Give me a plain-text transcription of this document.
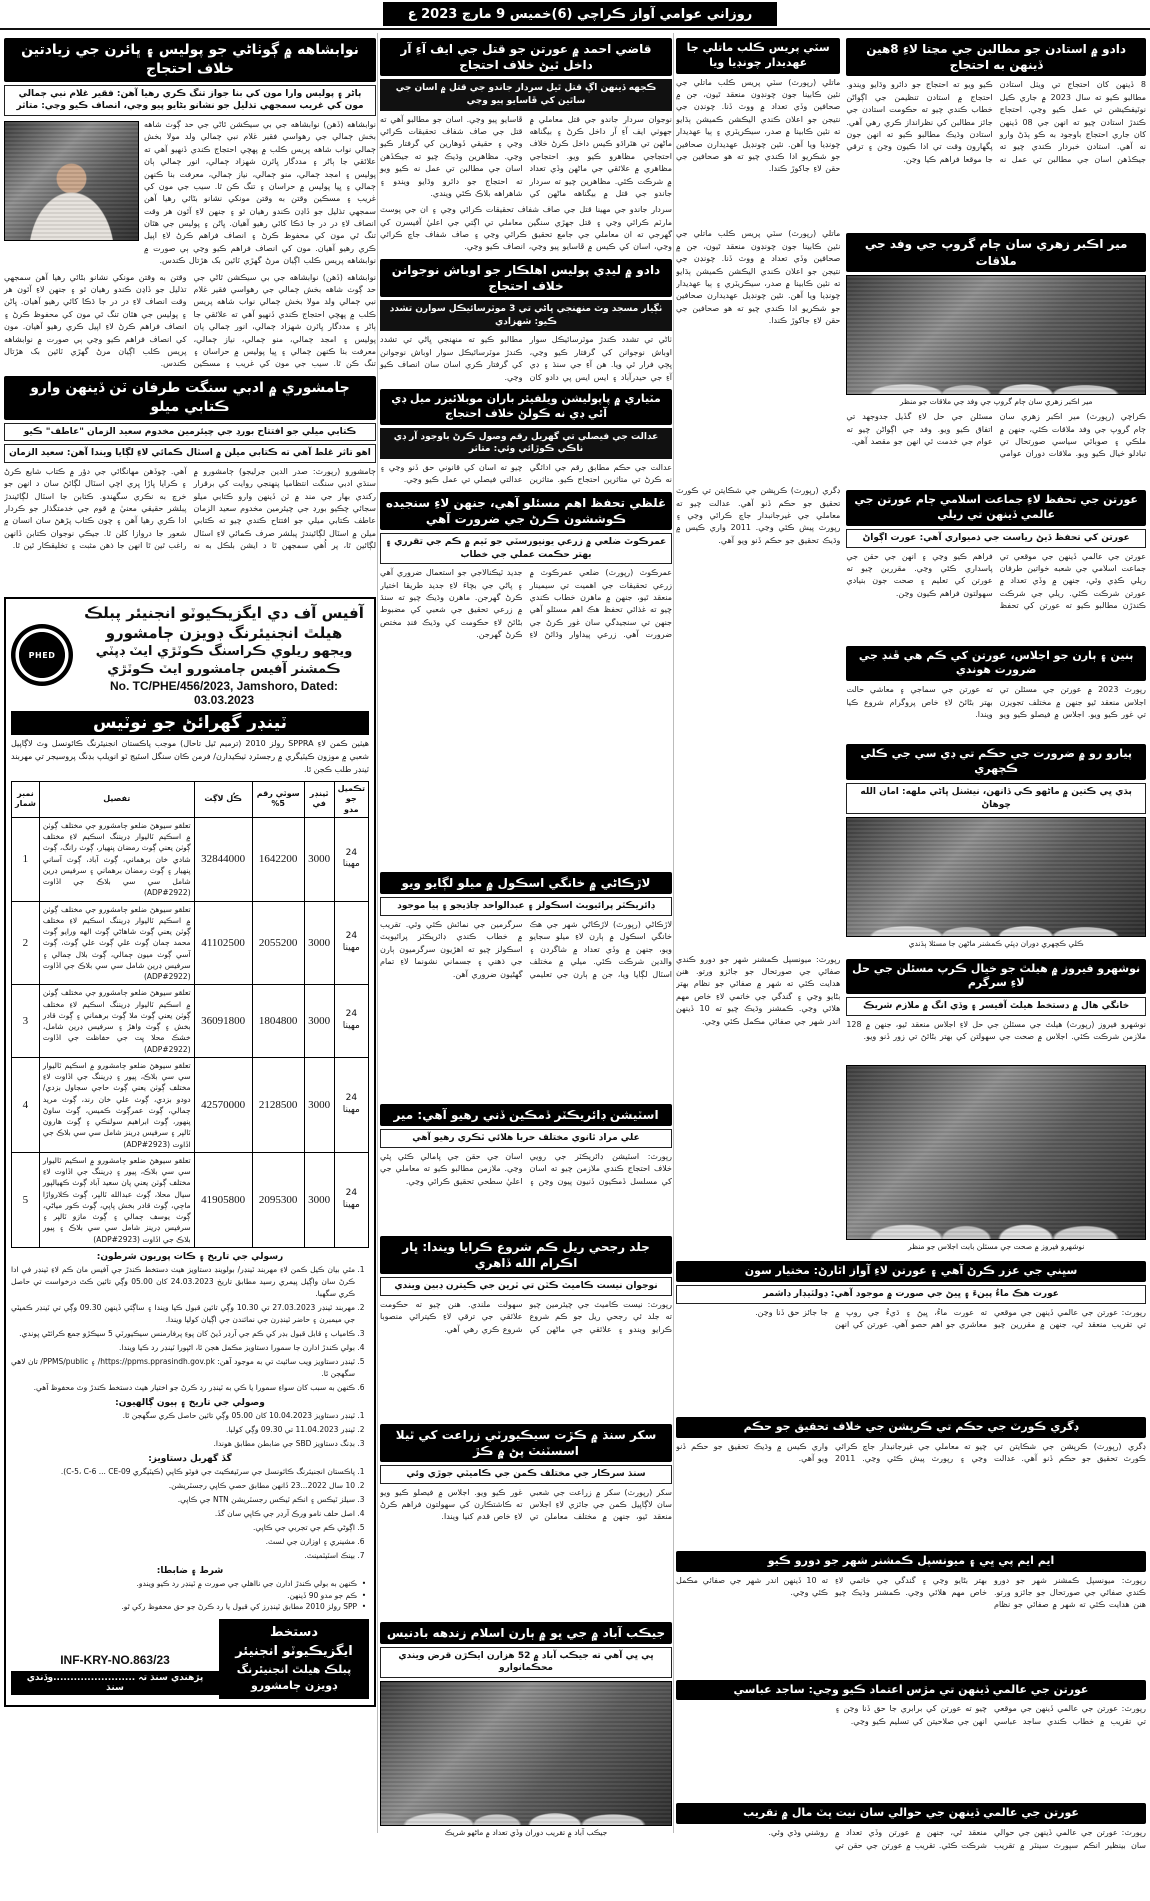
روزاني عوامي آواز ڪراچي (6)خميس 9 مارچ 2023 ع
نوابشاهه ۾ ڳوٺاڻي جو پوليس ۽ ڀائرن جي زيادتين خلاف احتجاج
ٻاڻر ۽ پوليس وارا مون کي بنا جواز تنگ ڪري رهيا آهن: فقير غلام نبي ڄمالي مون کي غريب سمجهي تذليل جو نشانو بڻايو پيو وڃي، انصاف ڪيو وڃي: متاثر
نوابشاهه (ڏهن) نوابشاهه جي بي سيڪشن ٿاڻي جي حد ڳوٺ شاهه بخش ڄمالي جي رهواسي فقير غلام نبي ڄمالي ولد مولا بخش ڄمالي نواب شاهه پريس ڪلب ۾ پهچي احتجاج ڪندي ڏنهيو آهي ته علائقي جا ٻاڻر ۽ مددگار ڀائرن شهزاد ڄمالي، انور ڄمالي ٻان پوليس ۽ امجد ڄمالي، منو ڄمالي، نياز ڄمالي، معرفت بنا ڪنهن ڄمالي ۽ ڀيا پوليس ۾ حراسان ۽ تنگ ڪن ٿا. سيب جي مون کي غريب ۽ مسڪين وقتن به وقتن مونکي نشانو بڻائي رهيا آهن سمجهي تذليل جو ڏاڍن ڪندو رهيان ٿو ۽ جنهن لاءِ آئون هر وقت انصاف لاءِ در در جا ڌڪا کائي رهيو آهيان. ڀاڻن ۽ پوليس جي هٿان تنگ ٿي مون کي محفوظ ڪرڻ ۽ انصاف فراهم ڪرڻ لاءِ اپيل ڪري رهيو آهيان. مون کي انصاف فراهم ڪيو وڃي ٻي صورت ۾ نوابشاهه پريس ڪلب اڳيان مرڻ گهڙي ٽائين بک هڙتال ڪندس.
نوابشاهه (ڏهن) نوابشاهه جي بي سيڪشن ٿاڻي جي حد ڳوٺ شاهه بخش ڄمالي جي رهواسي فقير غلام نبي ڄمالي ولد مولا بخش ڄمالي نواب شاهه پريس ڪلب ۾ پهچي احتجاج ڪندي ڏنهيو آهي ته علائقي جا ٻاڻر ۽ مددگار ڀائرن شهزاد ڄمالي، انور ڄمالي ٻان پوليس ۽ امجد ڄمالي، منو ڄمالي، نياز ڄمالي، معرفت بنا ڪنهن ڄمالي ۽ ڀيا پوليس ۾ حراسان ۽ تنگ ڪن ٿا. سيب جي مون کي غريب ۽ مسڪين وقتن به وقتن مونکي نشانو بڻائي رهيا آهن سمجهي تذليل جو ڏاڍن ڪندو رهيان ٿو ۽ جنهن لاءِ آئون هر وقت انصاف لاءِ در در جا ڌڪا کائي رهيو آهيان. ڀاڻن ۽ پوليس جي هٿان تنگ ٿي مون کي محفوظ ڪرڻ ۽ انصاف فراهم ڪرڻ لاءِ اپيل ڪري رهيو آهيان. مون کي انصاف فراهم ڪيو وڃي ٻي صورت ۾ نوابشاهه پريس ڪلب اڳيان مرڻ گهڙي ٽائين بک هڙتال ڪندس.
ڄامشوري ۾ ادبي سنگت طرفان ٽن ڏينهن وارو ڪتابي ميلو
ڪتابي ميلي جو افتتاح بورڊ جي چيئرمين مخدوم سعيد الزمان "عاطف" ڪيو
اهو تاثر غلط آهي ته ڪتابي ميلن ۾ اسٽال ڪمائي لاءِ لڳايا ويندا آهن: سعيد الزمان
ڄامشورو (رپورٽ: صدر الدين جرليجو) ڄامشورو ۾ سنڌي ادبي سنگت انتظاميا پنهنجي روايت کي برقرار رکندي بهار جي مند ۾ ٽن ڏينهن وارو ڪتابي ميلو سجائي چڪيو بورڊ جي چيئرمين مخدوم سعيد الزمان عاطف ڪتابي ميلي جو افتتاح ڪندي چيو ته ڪتابي ميلن ۾ اسٽال لڳائيندڙ پبلشر صرف ڪمائي لاءِ اسٽال لڳائين ٿا، پر اُهي سمجهن ٿا د ايشن بلڪل به نه آهي. چوڏهن مهانگائي جي دؤر ۾ ڪتاب شايع ڪرڻ ۽ ڪرايا ڀاڙا ڀري اچي اسٽال لڳائڻ سان د انهن جو خرچ به نڪري سگهندو. ڪتابن جا اسٽال لڳائيندڙ پبلشر حقيقي معنيٰ ۾ قوم جي خدمتگذار جو ڪردار ادا ڪري رهيا آهن ۽ چون ڪتاب پڙهڻ سان انسان ۾ شعور جا دروازا کلن ٿا. جيڪي نوجوان ڪتابن ڏانهن راغب ٿين ٿا انهن جا ذهن مثبت ۽ تخليقڪار ٿين ٿا.
آفيس آف دي ايگزيڪيوٽو انجنيئر پبلڪ هيلٿ انجنيئرنگ ڊويزن ڄامشورو
ويجهو ريلوي ڪراسنگ ڪوٽڙي ايٽ ڊپٽي ڪمشنر آفيس ڄامشورو ايٽ ڪوٽڙي
No. TC/PHE/456/2023, Jamshoro, Dated: 03.03.2023
PHED
ٽينڊر گهرائڻ جو نوٽيس
هيٺين ڪمن لاءِ SPPRA رولز 2010 (ترميم ٿيل تاحال) موجب پاڪستان انجنيئرنگ ڪائونسل وٽ لاڳاپيل شعبي ۾ موزون ڪيٽيگري ۾ رجسٽرڊ ٺيڪيدارن/ فرمن ڪان سنگل اسٽيج ٽو انويلپ بڊنگ پروسيجر تي مهربند ٽينڊر طلب ڪجن ٿا.
تڪميل جو مدو	ٽينڊر في	سوٽي رقم 5%	ڪُل لاڳت	تفصيل	نمبر شمار
24 مهينا	3000	1642200	32844000	تعلقو سيوهڻ ضلعو ڄامشورو جي مختلف ڳوٺن ۾ اسڪيم ٽاليوار ڊريننگ اسڪيم لاءِ مختلف ڳوٺن يعني ڳوٺ رمضان پنهيار، ڳوٺ رانگ، ڳوٺ شادي خان برهماني، ڳوٺ آباد، ڳوٺ آساني پنهيار ۽ ڳوٺ رمضان برهماني ۽ سرفيس ڊرين شامل سي سي بلاڪ جي اڏاوت (ADP#2922)	1
24 مهينا	3000	2055200	41102500	تعلقو سيوهڻ ضلعو ڄامشورو جي مختلف ڳوٺن ۾ اسڪيم ٽاليوار ڊريننگ اسڪيم لاءِ مختلف ڳوٺن يعني ڳوٺ شاهاڻي ڳوٺ الهه ورايو ڳوٺ محمد ڄمان ڳوٺ علي ڳوٺ علي ڳوٺ، ڳوٺ آسي ڳوٺ ميون ڄمالي، ڳوٺ بلال ڄمالي ۽ سرفيس ڊرين شامل سي سي بلاڪ جي اڏاوت (ADP#2922)	2
24 مهينا	3000	1804800	36091800	تعلقو سيوهڻ ضلعو ڄامشورو جي مختلف ڳوٺن ۾ اسڪيم ٽاليوار ڊريننگ اسڪيم لاءِ مختلف ڳوٺن يعني ڳوٺ ملا ڳوٺ برهماني ۽ ڳوٺ قادر بخش ۽ ڳوٺ واهڙ ۽ سرفيس ڊرين شامل، خشڪ محلا ڀت جي حفاظت جي اڏاوت (ADP#2922)	3
24 مهينا	3000	2128500	42570000	تعلقو سيوهڻ ضلعو ڄامشورو ۾ اسڪيم ٽاليوار سي سي بلاڪ، پيور ۽ ڊريننگ جي اڏاوت لاءِ مختلف ڳوٺن يعني ڳوٺ حاجي سجاول بزدي/ دودو بزدي، ڳوٺ علي خان رند، ڳوٺ مريد ڄمالي، ڳوٺ عمرڳوٺ ڪميس، ڳوٺ ساوڻ پنهور، ڳوٺ ابراهيم سولنڪي ۽ ڳوٺ هارون ٽالپر ۽ سرفيس ڊرينز شامل سي سي بلاڪ جي اڏاوت (ADP#2923)	4
24 مهينا	3000	2095300	41905800	تعلقو سيوهڻ ضلعو ڄامشورو ۾ اسڪيم ٽاليوار سي سي بلاڪ، پيور ۽ ڊريننگ جي اڏاوت لاءِ مختلف ڳوٺن يعني پان سعيد آباد ڳوٺ ڪهيالپور سيال محلا، ڳوٺ عبدالله ٽالپر، ڳوٺ ڪلارواڙا ماڄي، ڳوٺ قادر بخش پاپي، ڳوٺ ڪور مياڻي، ڳوٺ يوسف ڄمالي ۽ ڳوٺ مازو ٽالپر ۽ سرفيس ڊرينز شامل سي سي بلاڪ ۽ پيور بلاڪ جي اڏاوت (ADP#2923)	5
رسولي جي تاريخ ۽ ڪات پوريون شرطون:
1. مٿي بيان ڪيل ڪمن لاءِ مهربند ٽينڊر/ بولوينڊ دستاويز هيٺ دستخط ڪندڙ جي آفيس مان ڪم لاءِ ٽينڊر في ادا ڪرڻ سان واڳيل پيمري رسيد مطابق تاريخ 24.03.2023 کان 05.00 وڳي تائين ڪٿ درخواست تي حاصل ڪري سگهبا.
2. مهربند ٽينڊر 27.03.2023 تي 10.30 وڳي تائين قبول ڪيا ويندا ۽ ساڳئي ڏينهن 09.30 وڳي تي ٽينڊر ڪميٽي جي ميمبرن ۽ حاضر ٽينڊرن جي نمائندن جي اڳيان کوليا ويندا.
3. ڪامياب ۽ قابل قبول بڊر کي ڪم جي آرڊر ڏيڻ کان پوءِ پرفارمنس سيڪيورٽي 5 سيڪڙو جمع ڪرائڻي پوندي.
4. بولي ڪندڙ ادارن جا سمورا دستاويز مڪمل هجن ٿا، اڻپورا ٽينڊر رد ڪيا ويندا.
5. ٽينڊر دستاويز ويب سائيٽ تي به موجود آهن: https://ppms.pprasindh.gov.pk/ ۽ PPMS/public/ تان لاهي سگهجن ٿا.
6. ڪنهن به سبب کان سواءِ سمورا يا ڪي به ٽينڊر رد ڪرڻ جو اختيار هيٺ دستخط ڪندڙ وٽ محفوظ آهي.
وصولي جي تاريخ ۽ ٻيون ڳالهيون:
1. ٽينڊر دستاويز 10.04.2023 کان 05.00 وڳي تائين حاصل ڪري سگهجن ٿا.
2. ٽينڊر 11.04.2023 تي 09.30 وڳي کولبا.
3. بڊنگ دستاويز SBD جي ضابطن مطابق هوندا.
گڏ گهربل دستاويز:
1. پاڪستان انجنيئرنگ ڪائونسل جي سرٽيفڪيٽ جي فوٽو ڪاپي (ڪيٽيگري C-5، C-6 ... CE-09).
2. 10 سال 2022...23 ڏانهن مطابق حصي ڪاپي رجسٽريشن.
3. سيلز ٽيڪس ۽ انڪم ٽيڪس رجسٽريشن NTN جي ڪاپي.
4. اصل حلف نامو ورڪ آرڊر جي ڪاپي سان گڏ.
5. اڳوڻي ڪم جي تجربي جي ڪاپي.
6. مشينري ۽ اوزارن جي لسٽ.
7. بينڪ اسٽيٽمينٽ.
شرط ۽ ضابطا:
• ڪنهن به بولي ڪندڙ ادارن جي نااهلي جي صورت ۾ ٽينڊر رد ڪيو ويندو.
• ڪم جو مدو 90 ڏينهن.
• SPP رولز 2010 مطابق ٽينڊرز کي قبول يا رد ڪرڻ جو حق محفوظ رکي ٿو.
دستخط
ايگزيڪيوٽو انجنيئر
پبلڪ هيلٿ انجنيئرنگ
ڊويزن ڄامشورو
INF-KRY-NO.863/23
پڙهندي سنڌ تہ ........................وڏندي سنڌ
قاضي احمد ۾ عورتن جو قتل جي ايف آءِ آر داخل ٿيڻ خلاف احتجاج
ڪجهه ڏينهن اڳ قتل ٿيل سردار جاندو جي قتل ۾ اسان جي ساٿين کي ڦاسايو پيو وڃي
نوجوان سردار جاندو جي قتل معاملي ۾ جهوٺي ايف آءِ آر داخل ڪرڻ ۽ بيگناهه ماڻهن تي هٿراڌو ڪيس داخل ڪرڻ خلاف احتجاجي مظاهرو ڪيو ويو. احتجاجي مظاهري ۾ علائقي جي ماڻهن وڏي تعداد ۾ شرڪت ڪئي. مظاهرين چيو ته سردار جاندو جي قتل ۾ بيگناهه ماڻهن کي ڦاسايو پيو وڃي. اسان جو مطالبو آهي ته قتل جي صاف شفاف تحقيقات ڪرائي وڃي ۽ حقيقي ڏوهارين کي گرفتار ڪيو وڃي. مظاهرين وڌيڪ چيو ته جيڪڏهن اسان جي مطالبن تي عمل نه ڪيو ويو ته احتجاج جو دائرو وڌايو ويندو ۽ شاهراهه بلاڪ ڪئي ويندي.
سردار جاندو جي مهينا قتل جي صاف شفاف تحقيقات ڪرائي وڃي ۽ ان جي پوسٽ مارٽم ڪرائي وڃي ۽ قتل جهڙي سنگين معاملي تي اڳتي جي اعليٰ آفيسرن کي گهرجي ته ان معاملي جي جامع تحقيق ڪرائي وڃي ۽ صاف شفاف جاچ ڪرائي وڃي، اسان کي ڪيس ۾ ڦاسايو پيو وڃي، انصاف ڪيو وڃي.
دادو ۾ ليڊي پوليس اهلڪار جو اوباش نوجوانن خلاف احتجاج
ٺڳيار مسجد وٽ منهنجي ڀاڻي تي 3 موٽرسائيڪل سوارن تشدد ڪيو: شهزادي
ٺاڻي تي تشدد ڪندڙ موٽرسائيڪل سوار اوباش نوجوانن کي گرفتار ڪيو وڃي، ڀڄي فرار ٿي ويا. هن آءِ جي سنڌ ۽ ڊي آءِ جي حيدرآباد ۽ ايس ايس پي دادو کان مطالبو ڪيو ته منهنجي ڀاڻي تي تشدد ڪندڙ موٽرسائيڪل سوار اوباش نوجوانن کي گرفتار ڪري اسان سان انصاف ڪيو وڃي.
مٽياري ۾ پاپوليشن ويلفيئر باران موبلائيزر ميل ڊي آئي ڊي نه ڪولڻ خلاف احتجاج
عدالت جي فيصلي تي گهريل رقم وصول ڪرڻ باوجود آر ڊي ناڪي ڪوڙائي وئي: متاثر
عدالت جي حڪم مطابق رقم جي ادائگي نه ڪرڻ تي متاثرين احتجاج ڪيو. متاثرين چيو ته اسان کي قانوني حق ڏنو وڃي ۽ عدالتي فيصلي تي عمل ڪيو وڃي.
غلظي تحفظ اهم مسئلو آهي، جنهن لاءِ سنجيده ڪوششون ڪرڻ جي ضرورت آهي
عمرڪوٽ ضلعي ۾ زرعي يونيورسٽي جو ٽيم ۾ ڪم جي تقرري ۽ بهتر حڪمت عملي جي خطاب
عمرڪوٽ (رپورٽ) ضلعي عمرڪوٽ ۾ زرعي تحقيقات جي اهميت تي سيمينار منعقد ٿيو، جنهن ۾ ماهرن خطاب ڪندي چيو ته غذائي تحفظ هڪ اهم مسئلو آهي جنهن تي سنجيدگي سان غور ڪرڻ جي ضرورت آهي. زرعي پيداوار وڌائڻ لاءِ جديد ٽيڪنالاجي جو استعمال ضروري آهي ۽ پاڻي جي بچاءَ لاءِ جديد طريقا اختيار ڪرڻ گهرجن. ماهرن وڌيڪ چيو ته سنڌ ۾ زرعي تحقيق جي شعبي کي مضبوط بڻائڻ لاءِ حڪومت کي وڌيڪ فنڊ مختص ڪرڻ گهرجن.
لاڙڪاڻي ۾ خانگي اسڪول ۾ ميلو لڳايو ويو
ڊائريڪٽر پرائيويٽ اسڪولز ۽ عبدالواحد ڄاڌيجو ۽ ٻيا موجود
لاڙڪاڻي (رپورٽ) لاڙڪاڻي شهر جي هڪ خانگي اسڪول ۾ ٻارن لاءِ ميلو سجايو ويو، جنهن ۾ وڏي تعداد ۾ شاگردن ۽ والدين شرڪت ڪئي. ميلي ۾ مختلف اسٽال لڳايا ويا، جن ۾ ٻارن جي تعليمي سرگرمين جي نمائش ڪئي وئي. تقريب ۾ خطاب ڪندي ڊائريڪٽر پرائيويٽ اسڪولز چيو ته اهڙيون سرگرميون ٻارن جي ذهني ۽ جسماني نشونما لاءِ تمام گهڻيون ضروري آهن.
اسٽيشن ڊائريڪٽر ڏمڪين ڏني رهيو آهي: مير
علي مراد ٿانوي مختلف حربا هلائي ٽڪري رهيو آهي
رپورٽ: اسٽيشن ڊائريڪٽر جي رويي خلاف احتجاج ڪندي ملازمن چيو ته اسان کي مسلسل ڏمڪيون ڏنيون پيون وڃن ۽ اسان جي حقن جي پامالي ڪئي پئي وڃي. ملازمن مطالبو ڪيو ته معاملي جي اعليٰ سطحي تحقيق ڪرائي وڃي.
جلد رجحي ريل ڪم شروع ڪرايا ويندا: ڀار اڪرام الله ڏاهري
نوجوان نيست ڪاميٽ ڪٽن تي ٽرين جي ڪيترن ڊبين ويندي
رپورٽ: نيست ڪاميٽ جي چيئرمين چيو ته جلد ئي رجحي ريل جو ڪم شروع ڪرايو ويندو ۽ علائقي جي ماڻهن کي سهولت ملندي. هنن چيو ته حڪومت علائقي جي ترقي لاءِ ڪيترائي منصوبا شروع ڪري رهي آهي.
سکر سنڌ ۾ ڪڙت سيڪيورٽي زراعت کي ٿيلا اسسٽنٽ پڻ ۾ ڪڙ
سنڌ سرڪار جي مختلف ڪمن جي ڪاميٽي جوڙي وئي
سکر (رپورٽ) سکر ۾ زراعت جي شعبي سان لاڳاپيل ڪمن جي جائزي لاءِ اجلاس منعقد ٿيو، جنهن ۾ مختلف معاملن تي غور ڪيو ويو. اجلاس ۾ فيصلو ڪيو ويو ته ڪاشتڪارن کي سهولتون فراهم ڪرڻ لاءِ خاص قدم کنيا ويندا.
جيڪب آباد ۾ جي ڀو ۾ ٻارن اسلام زندهه بادنيس
ڀي ڀي آهي ته جيڪب آباد ۾ 52 هزارن ايڪڙن قرض ويندي محڪمانوارو
جيڪب آباد ۾ تقريب دوران وڏي تعداد ۾ ماڻهو شريڪ
دادو ۾ استادن جو مطالبن جي مڃتا لاءِ 8هين ڏينهن به احتجاج
8 ڏينهن کان احتجاج تي ويٺل استادن مطالبو ڪيو ته سال 2023 ۾ جاري ڪيل نوٽيفڪيشن تي عمل ڪيو وڃي. احتجاج ڪندڙ استادن چيو ته انهن جي 08 ڏينهن کان جاري احتجاج باوجود به ڪو ٻڌڻ وارو نه آهي. استادن خبردار ڪندي چيو ته جيڪڏهن اسان جي مطالبن تي عمل نه ڪيو ويو ته احتجاج جو دائرو وڌايو ويندو. احتجاج ۾ استادن تنظيمن جي اڳواڻن خطاب ڪندي چيو ته حڪومت استادن جي جائز مطالبن کي نظرانداز ڪري رهي آهي. استادن وڌيڪ مطالبو ڪيو ته انهن جون پگهارون وقت تي ادا ڪيون وڃن ۽ ترقي جا موقعا فراهم ڪيا وڃن.
سٽي پريس ڪلب ماتلي جا عهديدار چونڊيا ويا
ماتلي (رپورٽ) سٽي پريس ڪلب ماتلي جي نئين ڪابينا جون چونڊون منعقد ٿيون، جن ۾ صحافين وڏي تعداد ۾ ووٽ ڏنا. چونڊن جي نتيجن جو اعلان ڪندي اليڪشن ڪميشن ٻڌايو ته نئين ڪابينا ۾ صدر، سيڪريٽري ۽ ٻيا عهديدار چونڊيا ويا آهن. نئين چونڊيل عهديدارن صحافين جو شڪريو ادا ڪندي چيو ته هو صحافين جي حقن لاءِ جاکوڙ ڪندا.
مير اڪبر زهري سان ڄام گروپ جي وفد جي ملاقات
مير اڪبر زهري سان ڄام گروپ جي وفد جي ملاقات جو منظر
ڪراچي (رپورٽ) مير اڪبر زهري سان ڄام گروپ جي وفد ملاقات ڪئي، جنهن ۾ ملڪي ۽ صوبائي سياسي صورتحال تي تبادلو خيال ڪيو ويو. ملاقات دوران عوامي مسئلن جي حل لاءِ گڏيل جدوجهد تي اتفاق ڪيو ويو. وفد جي اڳواڻن چيو ته عوام جي خدمت ئي انهن جو مقصد آهي.
ماتلي (رپورٽ) سٽي پريس ڪلب ماتلي جي نئين ڪابينا جون چونڊون منعقد ٿيون، جن ۾ صحافين وڏي تعداد ۾ ووٽ ڏنا. چونڊن جي نتيجن جو اعلان ڪندي اليڪشن ڪميشن ٻڌايو ته نئين ڪابينا ۾ صدر، سيڪريٽري ۽ ٻيا عهديدار چونڊيا ويا آهن. نئين چونڊيل عهديدارن صحافين جو شڪريو ادا ڪندي چيو ته هو صحافين جي حقن لاءِ جاکوڙ ڪندا.
عورتن جي تحفظ لاءِ جماعت اسلامي ڄام عورتن جي عالمي ڏينهن تي ريلي
عورتن کي تحفظ ڏيڻ رياست جي ذميواري آهي: عورت اڳواڻ
عورتن جي عالمي ڏينهن جي موقعي تي جماعت اسلامي جي شعبه خواتين طرفان ريلي ڪڍي وئي، جنهن ۾ وڏي تعداد ۾ عورتن شرڪت ڪئي. ريلي جي شرڪت ڪندڙن مطالبو ڪيو ته عورتن کي تحفظ فراهم ڪيو وڃي ۽ انهن جي حقن جي پاسداري ڪئي وڃي. مقررين چيو ته عورتن کي تعليم ۽ صحت جون بنيادي سهولتون فراهم ڪيون وڃن.
ٻنين ۽ ٻارن جو اجلاس، عورتن کي ڪم هي ڦنڊ جي ضرورت هوندي
رپورٽ 2023 ۾ عورتن جي مسئلن تي اجلاس منعقد ٿيو جنهن ۾ مختلف تجويزن تي غور ڪيو ويو. اجلاس ۾ فيصلو ڪيو ويو ته عورتن جي سماجي ۽ معاشي حالت بهتر بڻائڻ لاءِ خاص پروگرام شروع ڪيا ويندا.
پيارو رو ۾ ضرورت جي حڪم تي ڊي سي جي ڪلي ڪچهري
ٻڌي ڀي ڪتين ۾ ماڻهو ڪي ڏانهن، نيشنل ڀاڻي ملهه: امان الله چوهاڻ
ڪلي ڪچهري دوران ڊپٽي ڪمشنر ماڻهن جا مسئلا ٻڌندي
ڊگري (رپورٽ) ڪرپشن جي شڪايتن تي ڪورٽ تحقيق جو حڪم ڏنو آهي. عدالت چيو ته معاملي جي غيرجانبدار جاچ ڪرائي وڃي ۽ رپورٽ پيش ڪئي وڃي. 2011 واري ڪيس ۾ وڌيڪ تحقيق جو حڪم ڏنو ويو آهي.
نوشهرو فيروز ۾ هيلٿ جو خيال ڪرپ مسئلن جي حل لاءِ سرگرم
خانگي هال ۾ دستخط هيلٿ آفيسر ۽ وڏي انگ ۾ ملازم شريڪ
نوشهرو فيروز (رپورٽ) هيلٿ جي مسئلن جي حل لاءِ اجلاس منعقد ٿيو، جنهن ۾ 128 ملازمن شرڪت ڪئي. اجلاس ۾ صحت جي سهولتن کي بهتر بڻائڻ تي زور ڏنو ويو.
نوشهرو فيروز ۾ صحت جي مسئلن بابت اجلاس جو منظر
رپورٽ: ميونسپل ڪمشنر شهر جو دورو ڪندي صفائي جي صورتحال جو جائزو ورتو. هنن هدايت ڪئي ته شهر ۾ صفائي جو نظام بهتر بڻايو وڃي ۽ گندگي جي خاتمي لاءِ خاص مهم هلائي وڃي. ڪمشنر وڌيڪ چيو ته 10 ڏينهن اندر شهر جي صفائي مڪمل ڪئي وڃي.
سڀني جي عزر ڪرڻ آهي ۽ عورتن لاءِ آواز اٿارڻ: مختيار سون
عورت هڪ ماءُ پينءَ ۽ ڀيڻ جي صورت ۾ موجود آهي: ڊولٽيڊار ڊاشمر
رپورٽ: عورتن جي عالمي ڏينهن جي موقعي تي تقريب منعقد ٿي، جنهن ۾ مقررين چيو ته عورت ماءُ، ڀيڻ ۽ ڌيءُ جي روپ ۾ معاشري جو اهم حصو آهي. عورتن کي انهن جا جائز حق ڏنا وڃن.
ڊگري ڪورٽ جي حڪم تي ڪرپشن جي خلاف تحقيق جو حڪم
ڊگري (رپورٽ) ڪرپشن جي شڪايتن تي ڪورٽ تحقيق جو حڪم ڏنو آهي. عدالت چيو ته معاملي جي غيرجانبدار جاچ ڪرائي وڃي ۽ رپورٽ پيش ڪئي وڃي. 2011 واري ڪيس ۾ وڌيڪ تحقيق جو حڪم ڏنو ويو آهي.
ايم ايم پي ڀي ۽ ميونسپل ڪمشنر شهر جو دورو ڪيو
رپورٽ: ميونسپل ڪمشنر شهر جو دورو ڪندي صفائي جي صورتحال جو جائزو ورتو. هنن هدايت ڪئي ته شهر ۾ صفائي جو نظام بهتر بڻايو وڃي ۽ گندگي جي خاتمي لاءِ خاص مهم هلائي وڃي. ڪمشنر وڌيڪ چيو ته 10 ڏينهن اندر شهر جي صفائي مڪمل ڪئي وڃي.
عورتن جي عالمي ڏينهن تي مڙس اعتماد ڪيو وڃي: ساجد عباسي
رپورٽ: عورتن جي عالمي ڏينهن جي موقعي تي تقريب ۾ خطاب ڪندي ساجد عباسي چيو ته عورتن کي برابري جا حق ڏنا وڃن ۽ انهن جي صلاحيتن کي تسليم ڪيو وڃي.
عورتن جي عالمي ڏينهن جي حوالي سان نيت ڀٽ مال ۾ تقريب
رپورٽ: عورتن جي عالمي ڏينهن جي حوالي سان بينظير انڪم سپورٽ سينٽر ۾ تقريب منعقد ٿي، جنهن ۾ عورتن وڏي تعداد ۾ شرڪت ڪئي. تقريب ۾ عورتن جي حقن تي روشني وڌي وئي.
